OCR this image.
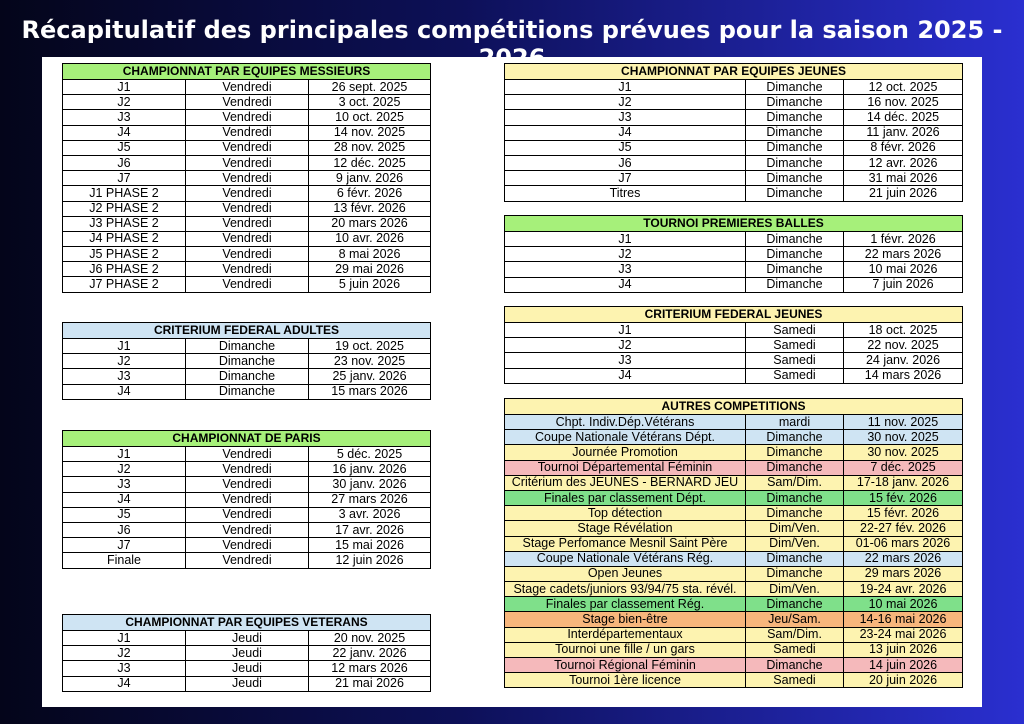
Récapitulatif des principales compétitions prévues pour la saison 2025 -
CHAMPIONNAT PAR EQUIPES MESSIEURS		
J1	Vendredi	26 sept. 2025
J2	Vendredi	3 oct. 2025
J3	Vendredi	10 oct. 2025
J4	Vendredi	14 nov. 2025
J5	Vendredi	28 nov. 2025
J6	Vendredi	12 déc. 2025
J7	Vendredi	9 janv. 2026
J1 PHASE 2	Vendredi	6 févr. 2026
J2 PHASE 2	Vendredi	13 févr. 2026
J3 PHASE 2	Vendredi	20 mars 2026
J4 PHASE 2	Vendredi	10 avr. 2026
J5 PHASE 2	Vendredi	8 mai 2026
J6 PHASE 2	Vendredi	29 mai 2026
J7 PHASE 2	Vendredi	5 juin 2026
CRITERIUM FEDERAL ADULTES		
J1	Dimanche	19 oct. 2025
J2	Dimanche	23 nov. 2025
J3	Dimanche	25 janv. 2026
J4	Dimanche	15 mars 2026
CHAMPIONNAT DE PARIS		
J1	Vendredi	5 déc. 2025
J2	Vendredi	16 janv. 2026
J3	Vendredi	30 janv. 2026
J4	Vendredi	27 mars 2026
J5	Vendredi	3 avr. 2026
J6	Vendredi	17 avr. 2026
J7	Vendredi	15 mai 2026
Finale	Vendredi	12 juin 2026
CHAMPIONNAT PAR EQUIPES VETERANS		
J1	Jeudi	20 nov. 2025
J2	Jeudi	22 janv. 2026
J3	Jeudi	12 mars 2026
J4	Jeudi	21 mai 2026
CHAMPIONNAT PAR EQUIPES JEUNES		
J1	Dimanche	12 oct. 2025
J2	Dimanche	16 nov. 2025
J3	Dimanche	14 déc. 2025
J4	Dimanche	11 janv. 2026
J5	Dimanche	8 févr. 2026
J6	Dimanche	12 avr. 2026
J7	Dimanche	31 mai 2026
Titres	Dimanche	21 juin 2026
TOURNOI PREMIERES BALLES		
J1	Dimanche	1 févr. 2026
J2	Dimanche	22 mars 2026
J3	Dimanche	10 mai 2026
J4	Dimanche	7 juin 2026
CRITERIUM FEDERAL JEUNES		
J1	Samedi	18 oct. 2025
J2	Samedi	22 nov. 2025
J3	Samedi	24 janv. 2026
J4	Samedi	14 mars 2026
AUTRES COMPETITIONS		
Chpt. Indiv.Dép.Vétérans	mardi	11 nov. 2025
Coupe Nationale Vétérans Dépt.	Dimanche	30 nov. 2025
Journée Promotion	Dimanche	30 nov. 2025
Tournoi Départemental Féminin	Dimanche	7 déc. 2025
Critérium des JEUNES - BERNARD JEU	Sam/Dim.	17-18 janv. 2026
Finales par classement Dépt.	Dimanche	15 fév. 2026
Top détection	Dimanche	15 févr. 2026
Stage Révélation	Dim/Ven.	22-27 fév. 2026
Stage Perfomance Mesnil Saint Père	Dim/Ven.	01-06 mars 2026
Coupe Nationale Vétérans Rég.	Dimanche	22 mars 2026
Open Jeunes	Dimanche	29 mars 2026
Stage cadets/juniors 93/94/75 sta. révél.	Dim/Ven.	19-24 avr. 2026
Finales par classement Rég.	Dimanche	10 mai 2026
Stage bien-être	Jeu/Sam.	14-16 mai 2026
Interdépartementaux	Sam/Dim.	23-24 mai 2026
Tournoi une fille / un gars	Samedi	13 juin 2026
Tournoi Régional Féminin	Dimanche	14 juin 2026
Tournoi 1ère licence	Samedi	20 juin 2026
